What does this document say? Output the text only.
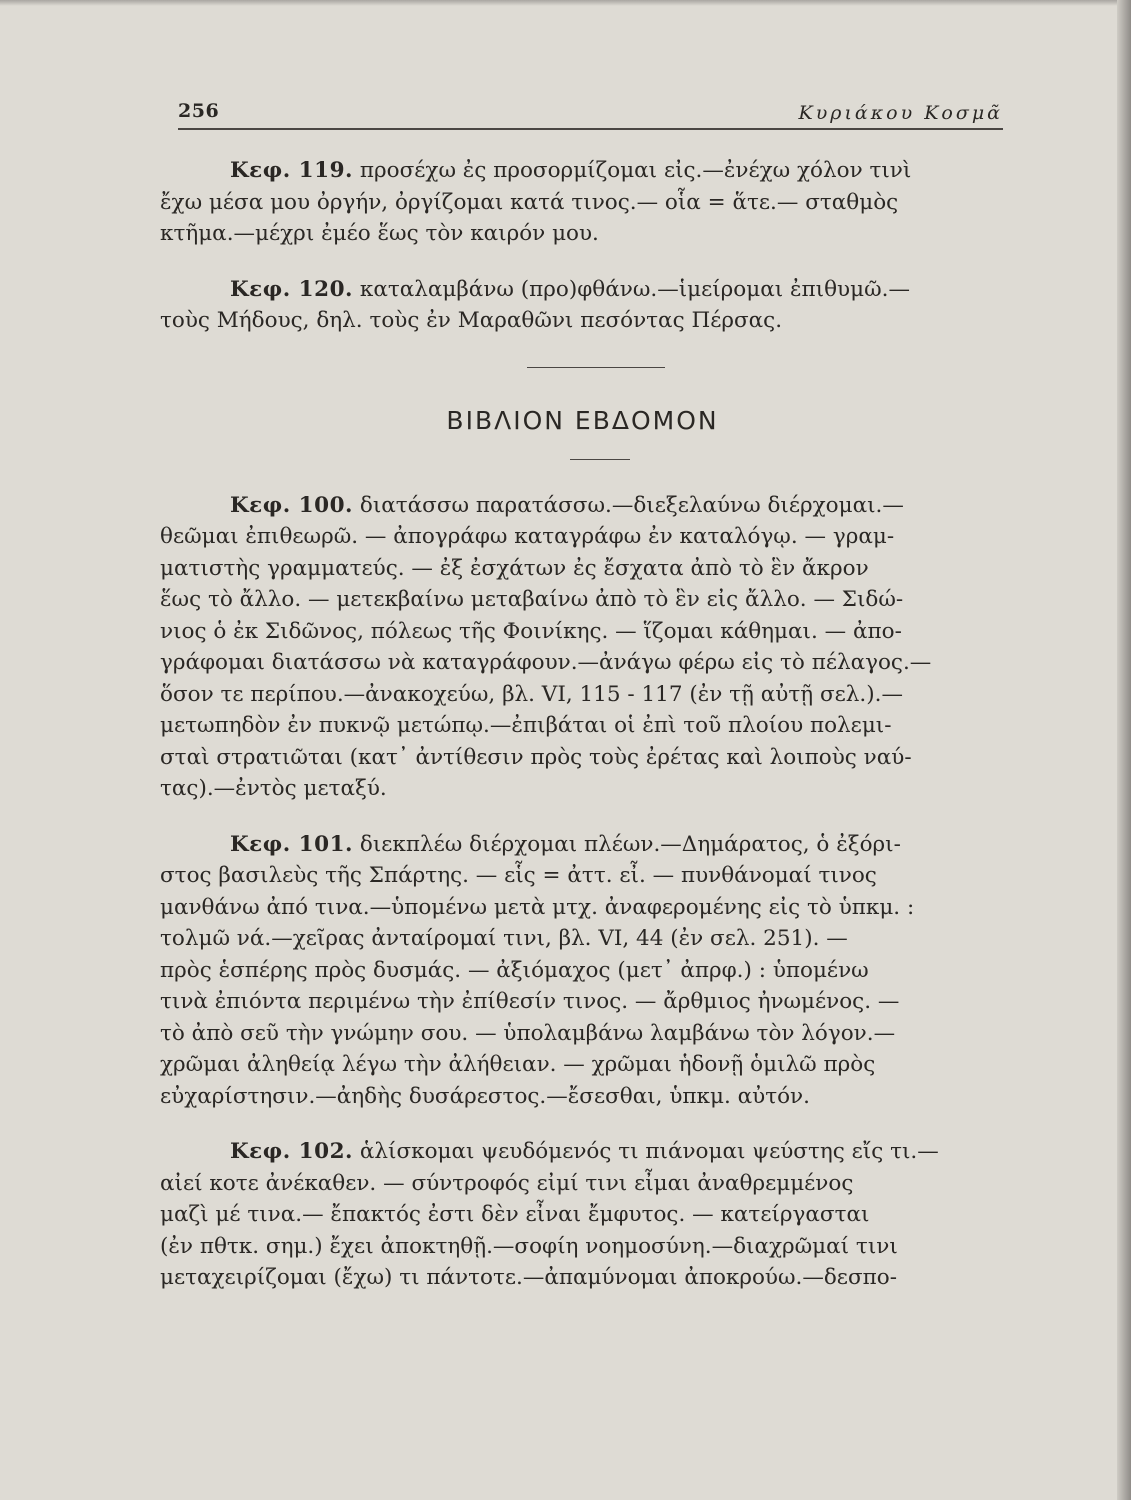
256	Κυριάκου Κοσμᾶ
Κεφ. 119. προσέχω ἐς προσορμίζομαι εἰς.—ἐνέχω χόλον τινὶ
ἔχω μέσα μου ὀργήν, ὀργίζομαι κατά τινος.— οἷα = ἅτε.— σταθμὸς
κτῆμα.—μέχρι ἐμέο ἕως τὸν καιρόν μου.
Κεφ. 120. καταλαμβάνω (προ)φθάνω.—ἱμείρομαι ἐπιθυμῶ.—
τοὺς Μήδους, δηλ. τοὺς ἐν Μαραθῶνι πεσόντας Πέρσας.
ΒΙΒΛΙΟΝ ΕΒΔΟΜΟΝ
Κεφ. 100. διατάσσω παρατάσσω.—διεξελαύνω διέρχομαι.—
θεῶμαι ἐπιθεωρῶ. — ἀπογράφω καταγράφω ἐν καταλόγῳ. — γραμ-
ματιστὴς γραμματεύς. — ἐξ ἐσχάτων ἐς ἔσχατα ἀπὸ τὸ ἓν ἄκρον
ἕως τὸ ἄλλο. — μετεκβαίνω μεταβαίνω ἀπὸ τὸ ἓν εἰς ἄλλο. — Σιδώ-
νιος ὁ ἐκ Σιδῶνος, πόλεως τῆς Φοινίκης. — ἵζομαι κάθημαι. — ἀπο-
γράφομαι διατάσσω νὰ καταγράφουν.—ἀνάγω φέρω εἰς τὸ πέλαγος.—
ὅσον τε περίπου.—ἀνακοχεύω, βλ. VI, 115 - 117 (ἐν τῇ αὐτῇ σελ.).—
μετωπηδὸν ἐν πυκνῷ μετώπῳ.—ἐπιβάται οἱ ἐπὶ τοῦ πλοίου πολεμι-
σταὶ στρατιῶται (κατ᾽ ἀντίθεσιν πρὸς τοὺς ἐρέτας καὶ λοιποὺς ναύ-
τας).—ἐντὸς μεταξύ.
Κεφ. 101. διεκπλέω διέρχομαι πλέων.—Δημάρατος, ὁ ἐξόρι-
στος βασιλεὺς τῆς Σπάρτης. — εἷς = ἀττ. εἶ. — πυνθάνομαί τινος
μανθάνω ἀπό τινα.—ὑπομένω μετὰ μτχ. ἀναφερομένης εἰς τὸ ὑπκμ. :
τολμῶ νά.—χεῖρας ἀνταίρομαί τινι, βλ. VI, 44 (ἐν σελ. 251). —
πρὸς ἑσπέρης πρὸς δυσμάς. — ἀξιόμαχος (μετ᾽ ἀπρφ.) : ὑπομένω
τινὰ ἐπιόντα περιμένω τὴν ἐπίθεσίν τινος. — ἄρθμιος ἠνωμένος. —
τὸ ἀπὸ σεῦ τὴν γνώμην σου. — ὑπολαμβάνω λαμβάνω τὸν λόγον.—
χρῶμαι ἀληθείᾳ λέγω τὴν ἀλήθειαν. — χρῶμαι ἡδονῇ ὁμιλῶ πρὸς
εὐχαρίστησιν.—ἀηδὴς δυσάρεστος.—ἔσεσθαι, ὑπκμ. αὐτόν.
Κεφ. 102. ἁλίσκομαι ψευδόμενός τι πιάνομαι ψεύστης εἴς τι.—
αἰεί κοτε ἀνέκαθεν. — σύντροφός εἰμί τινι εἶμαι ἀναθρεμμένος
μαζὶ μέ τινα.— ἔπακτός ἐστι δὲν εἶναι ἔμφυτος. — κατείργασται
(ἐν πθτκ. σημ.) ἔχει ἀποκτηθῇ.—σοφίη νοημοσύνη.—διαχρῶμαί τινι
μεταχειρίζομαι (ἔχω) τι πάντοτε.—ἀπαμύνομαι ἀποκρούω.—δεσπο-
